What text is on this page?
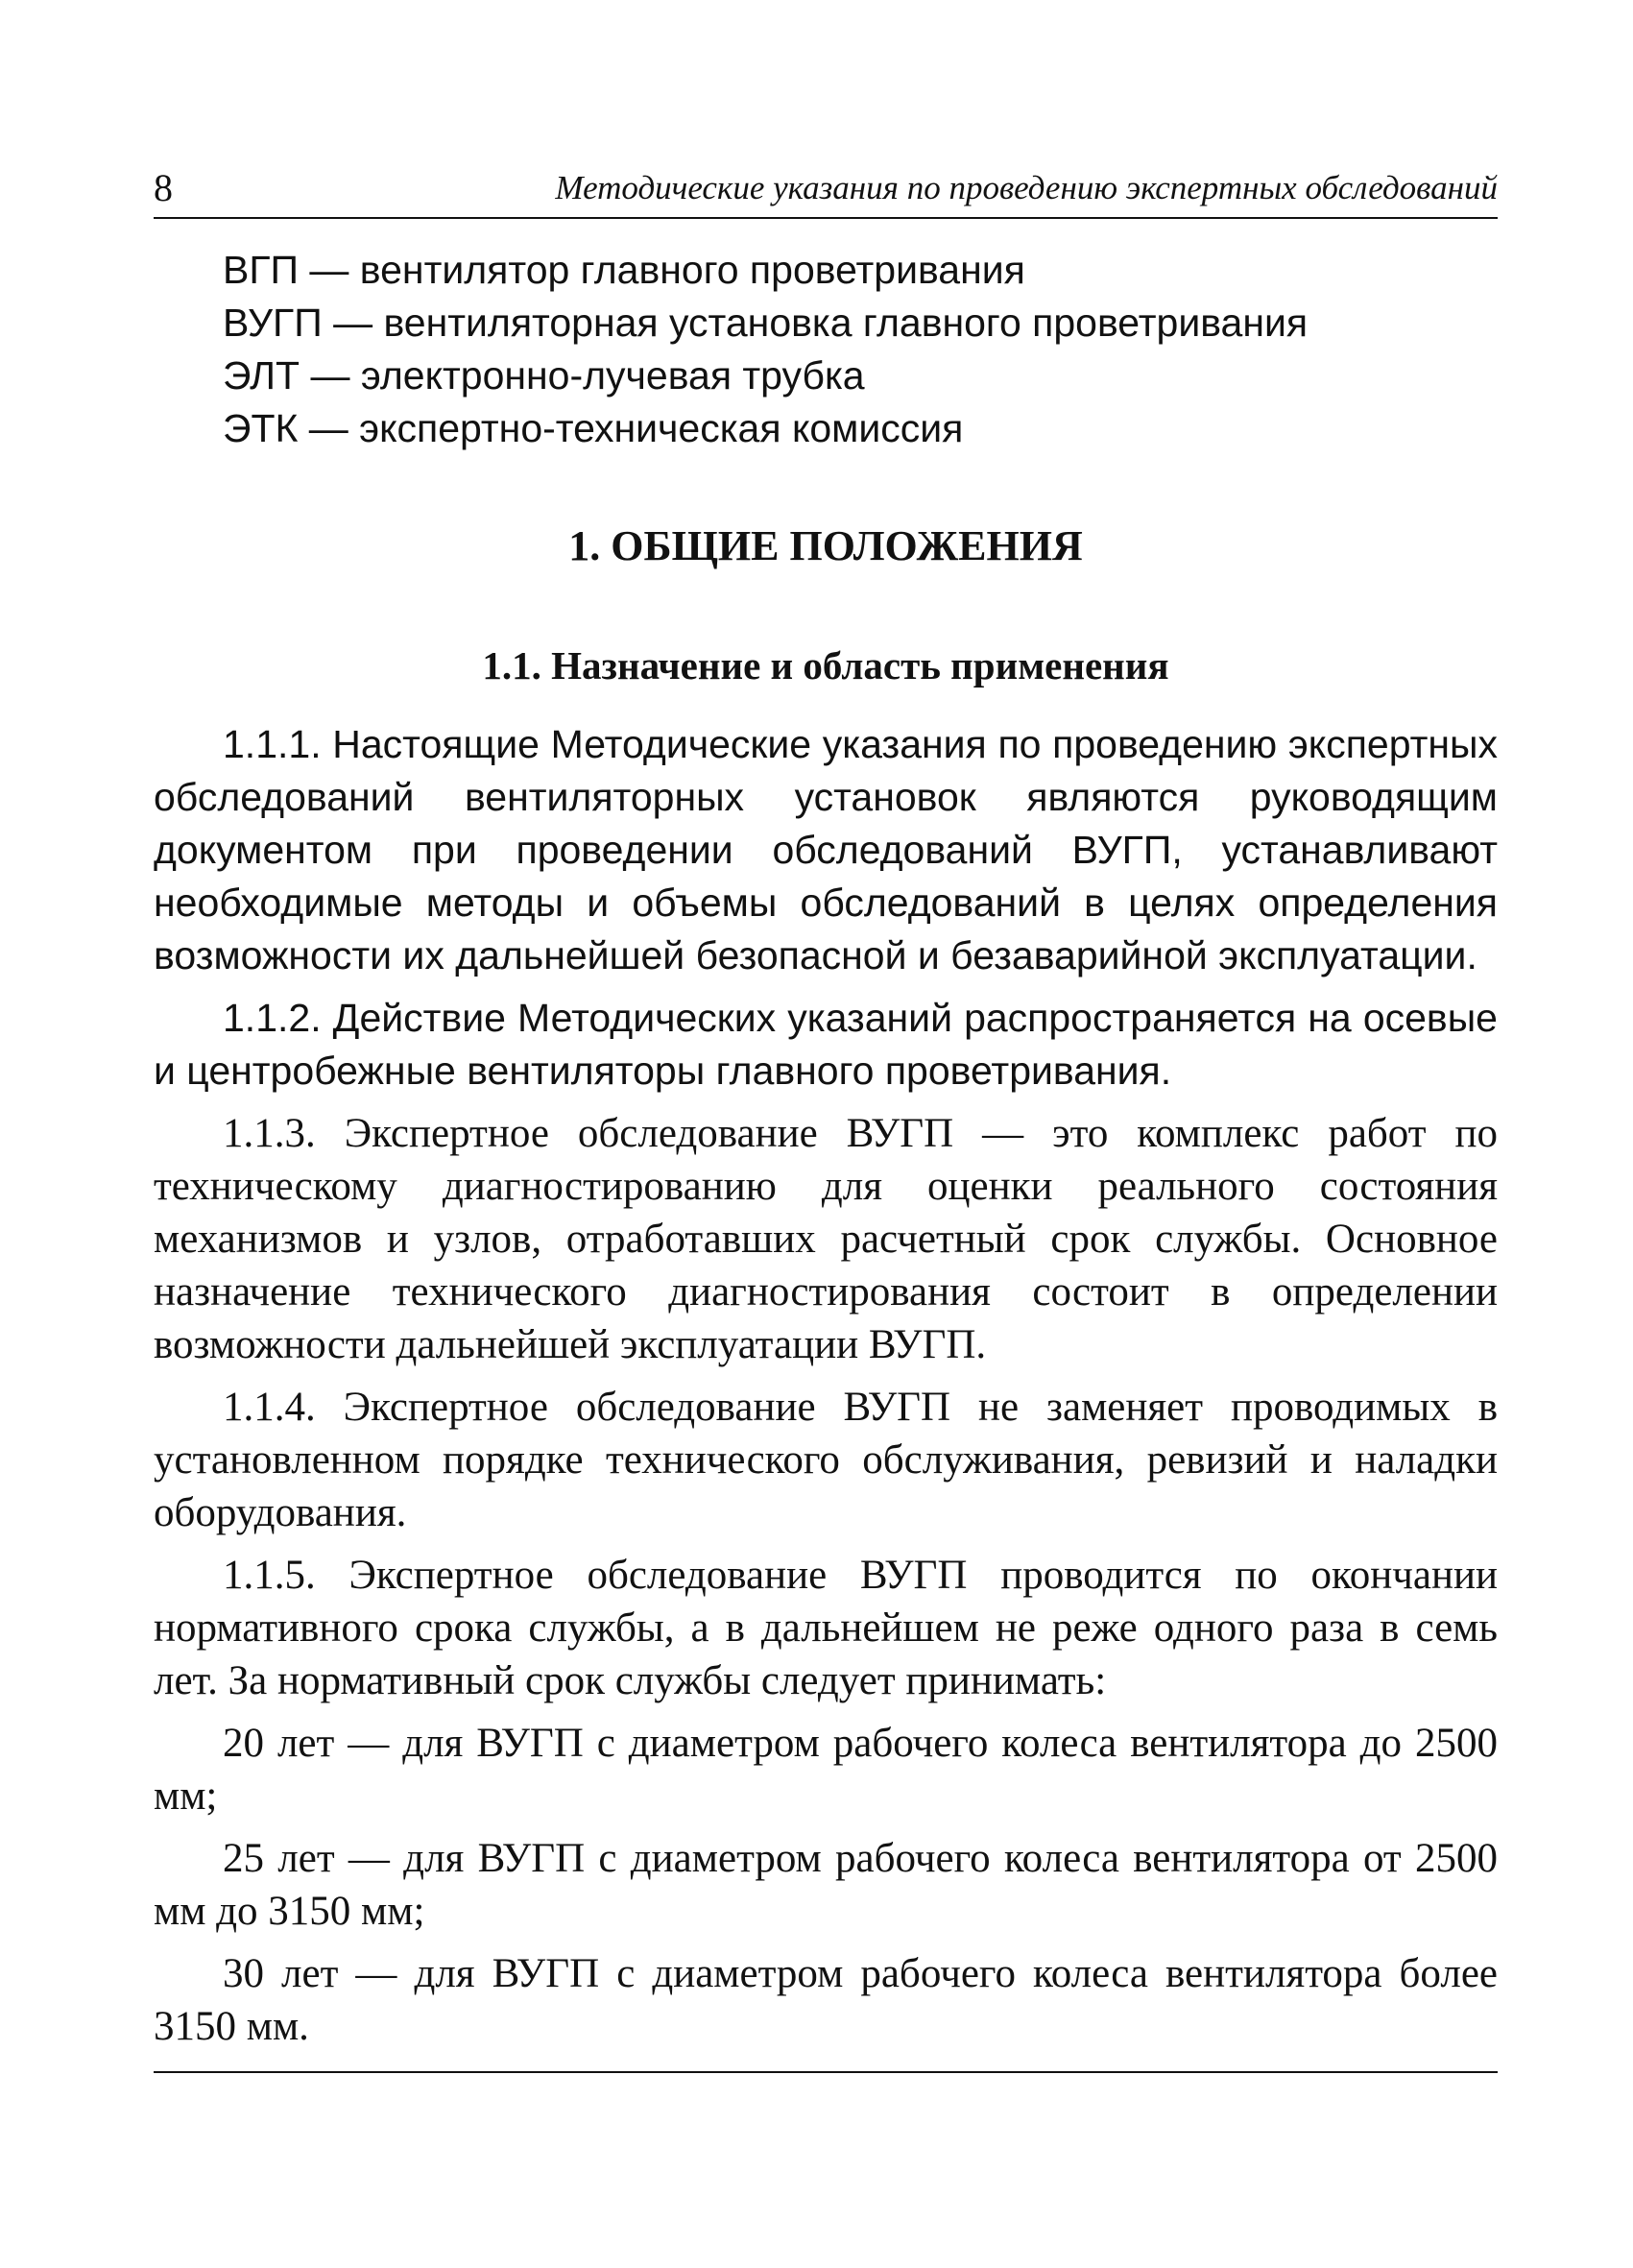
8	Методические указания по проведению экспертных обследований
ВГП — вентилятор главного проветривания
ВУГП — вентиляторная установка главного проветривания
ЭЛТ — электронно-лучевая трубка
ЭТК — экспертно-техническая комиссия
1. ОБЩИЕ ПОЛОЖЕНИЯ
1.1. Назначение и область применения

1.1.1. Настоящие Методические указания по проведению экспертных обследований вентиляторных установок являются руководящим документом при проведении обследований ВУГП, устанавливают необходимые методы и объемы обследований в целях определения возможности их дальнейшей безопасной и безаварийной эксплуатации.

1.1.2. Действие Методических указаний распространяется на осевые и центробежные вентиляторы главного проветривания.

1.1.3. Экспертное обследование ВУГП — это комплекс работ по техническому диагностированию для оценки реального состояния механизмов и узлов, отработавших расчетный срок службы. Основное назначение технического диагностирования состоит в определении возможности дальнейшей эксплуатации ВУГП.

1.1.4. Экспертное обследование ВУГП не заменяет проводимых в установленном порядке технического обслуживания, ревизий и наладки оборудования.

1.1.5. Экспертное обследование ВУГП проводится по окончании нормативного срока службы, а в дальнейшем не реже одного раза в семь лет. За нормативный срок службы следует принимать:

20 лет — для ВУГП с диаметром рабочего колеса вентилятора до 2500 мм;

25 лет — для ВУГП с диаметром рабочего колеса вентилятора от 2500 мм до 3150 мм;

30 лет — для ВУГП с диаметром рабочего колеса вентилятора более 3150 мм.
